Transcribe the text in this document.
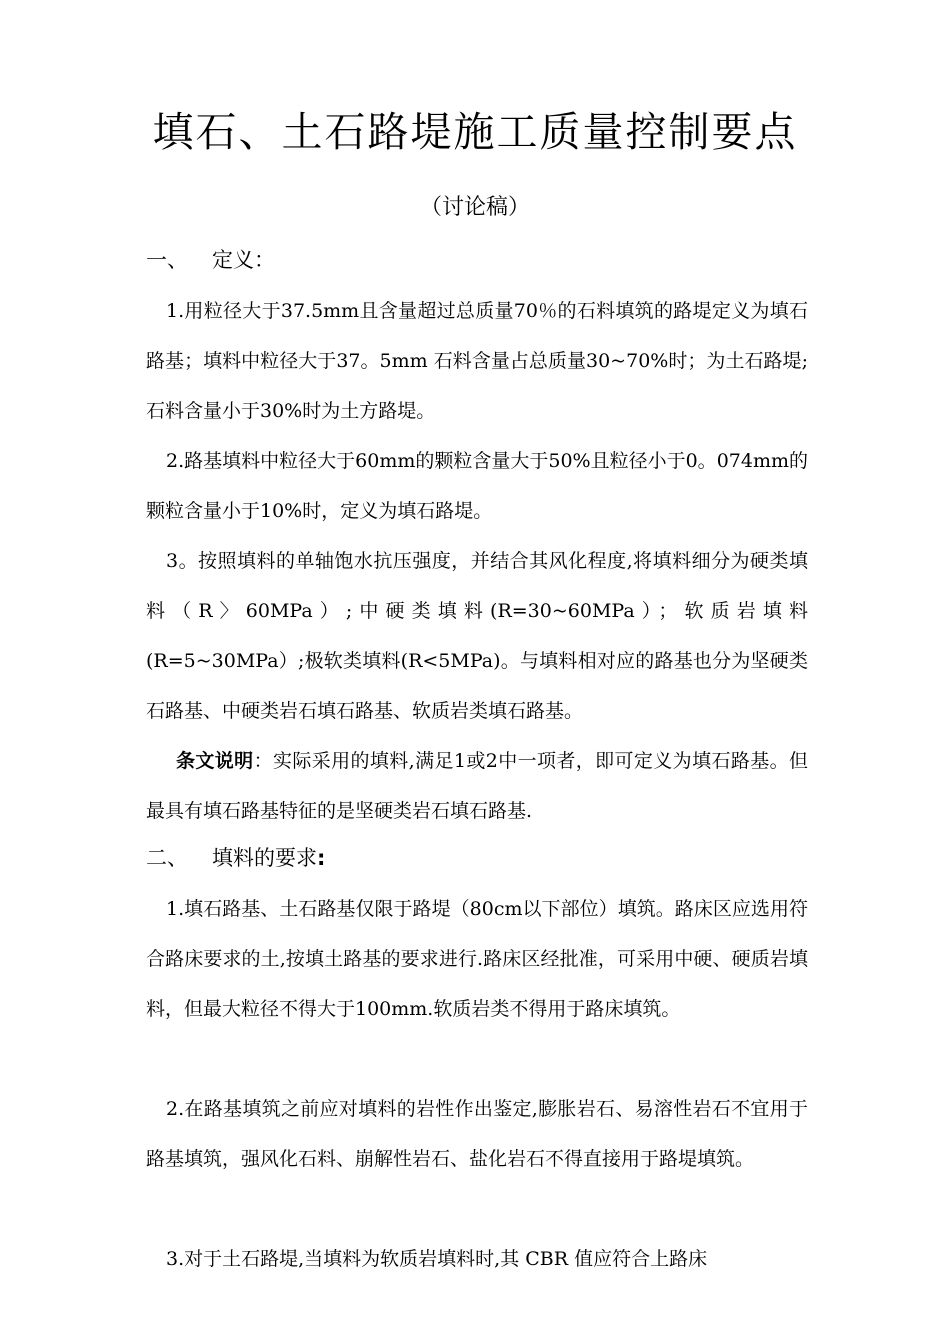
填石、土石路堤施工质量控制要点
（讨论稿）
一、 定义：

1.用粒径大于37.5mm且含量超过总质量70％的石料填筑的路堤定义为填石路基；填料中粒径大于37。5mm 石料含量占总质量30~70%时；为土石路堤;石料含量小于30%时为土方路堤。

2.路基填料中粒径大于60mm的颗粒含量大于50%且粒径小于0。074mm的颗粒含量小于10%时，定义为填石路堤。

3。按照填料的单轴饱水抗压强度，并结合其风化程度,将填料细分为硬类填料（R〉60MPa）;中硬类填料(R=30~60MPa）；软质岩填料(R=5~30MPa）;极软类填料(R<5MPa)。与填料相对应的路基也分为坚硬类石路基、中硬类岩石填石路基、软质岩类填石路基。

条文说明：实际采用的填料,满足1或2中一项者，即可定义为填石路基。但最具有填石路基特征的是坚硬类岩石填石路基.

二、 填料的要求:

1.填石路基、土石路基仅限于路堤（80cm以下部位）填筑。路床区应选用符合路床要求的土,按填土路基的要求进行.路床区经批准，可采用中硬、硬质岩填料，但最大粒径不得大于100mm.软质岩类不得用于路床填筑。

2.在路基填筑之前应对填料的岩性作出鉴定,膨胀岩石、易溶性岩石不宜用于路基填筑，强风化石料、崩解性岩石、盐化岩石不得直接用于路堤填筑。

3.对于土石路堤,当填料为软质岩填料时,其 CBR 值应符合上路床
